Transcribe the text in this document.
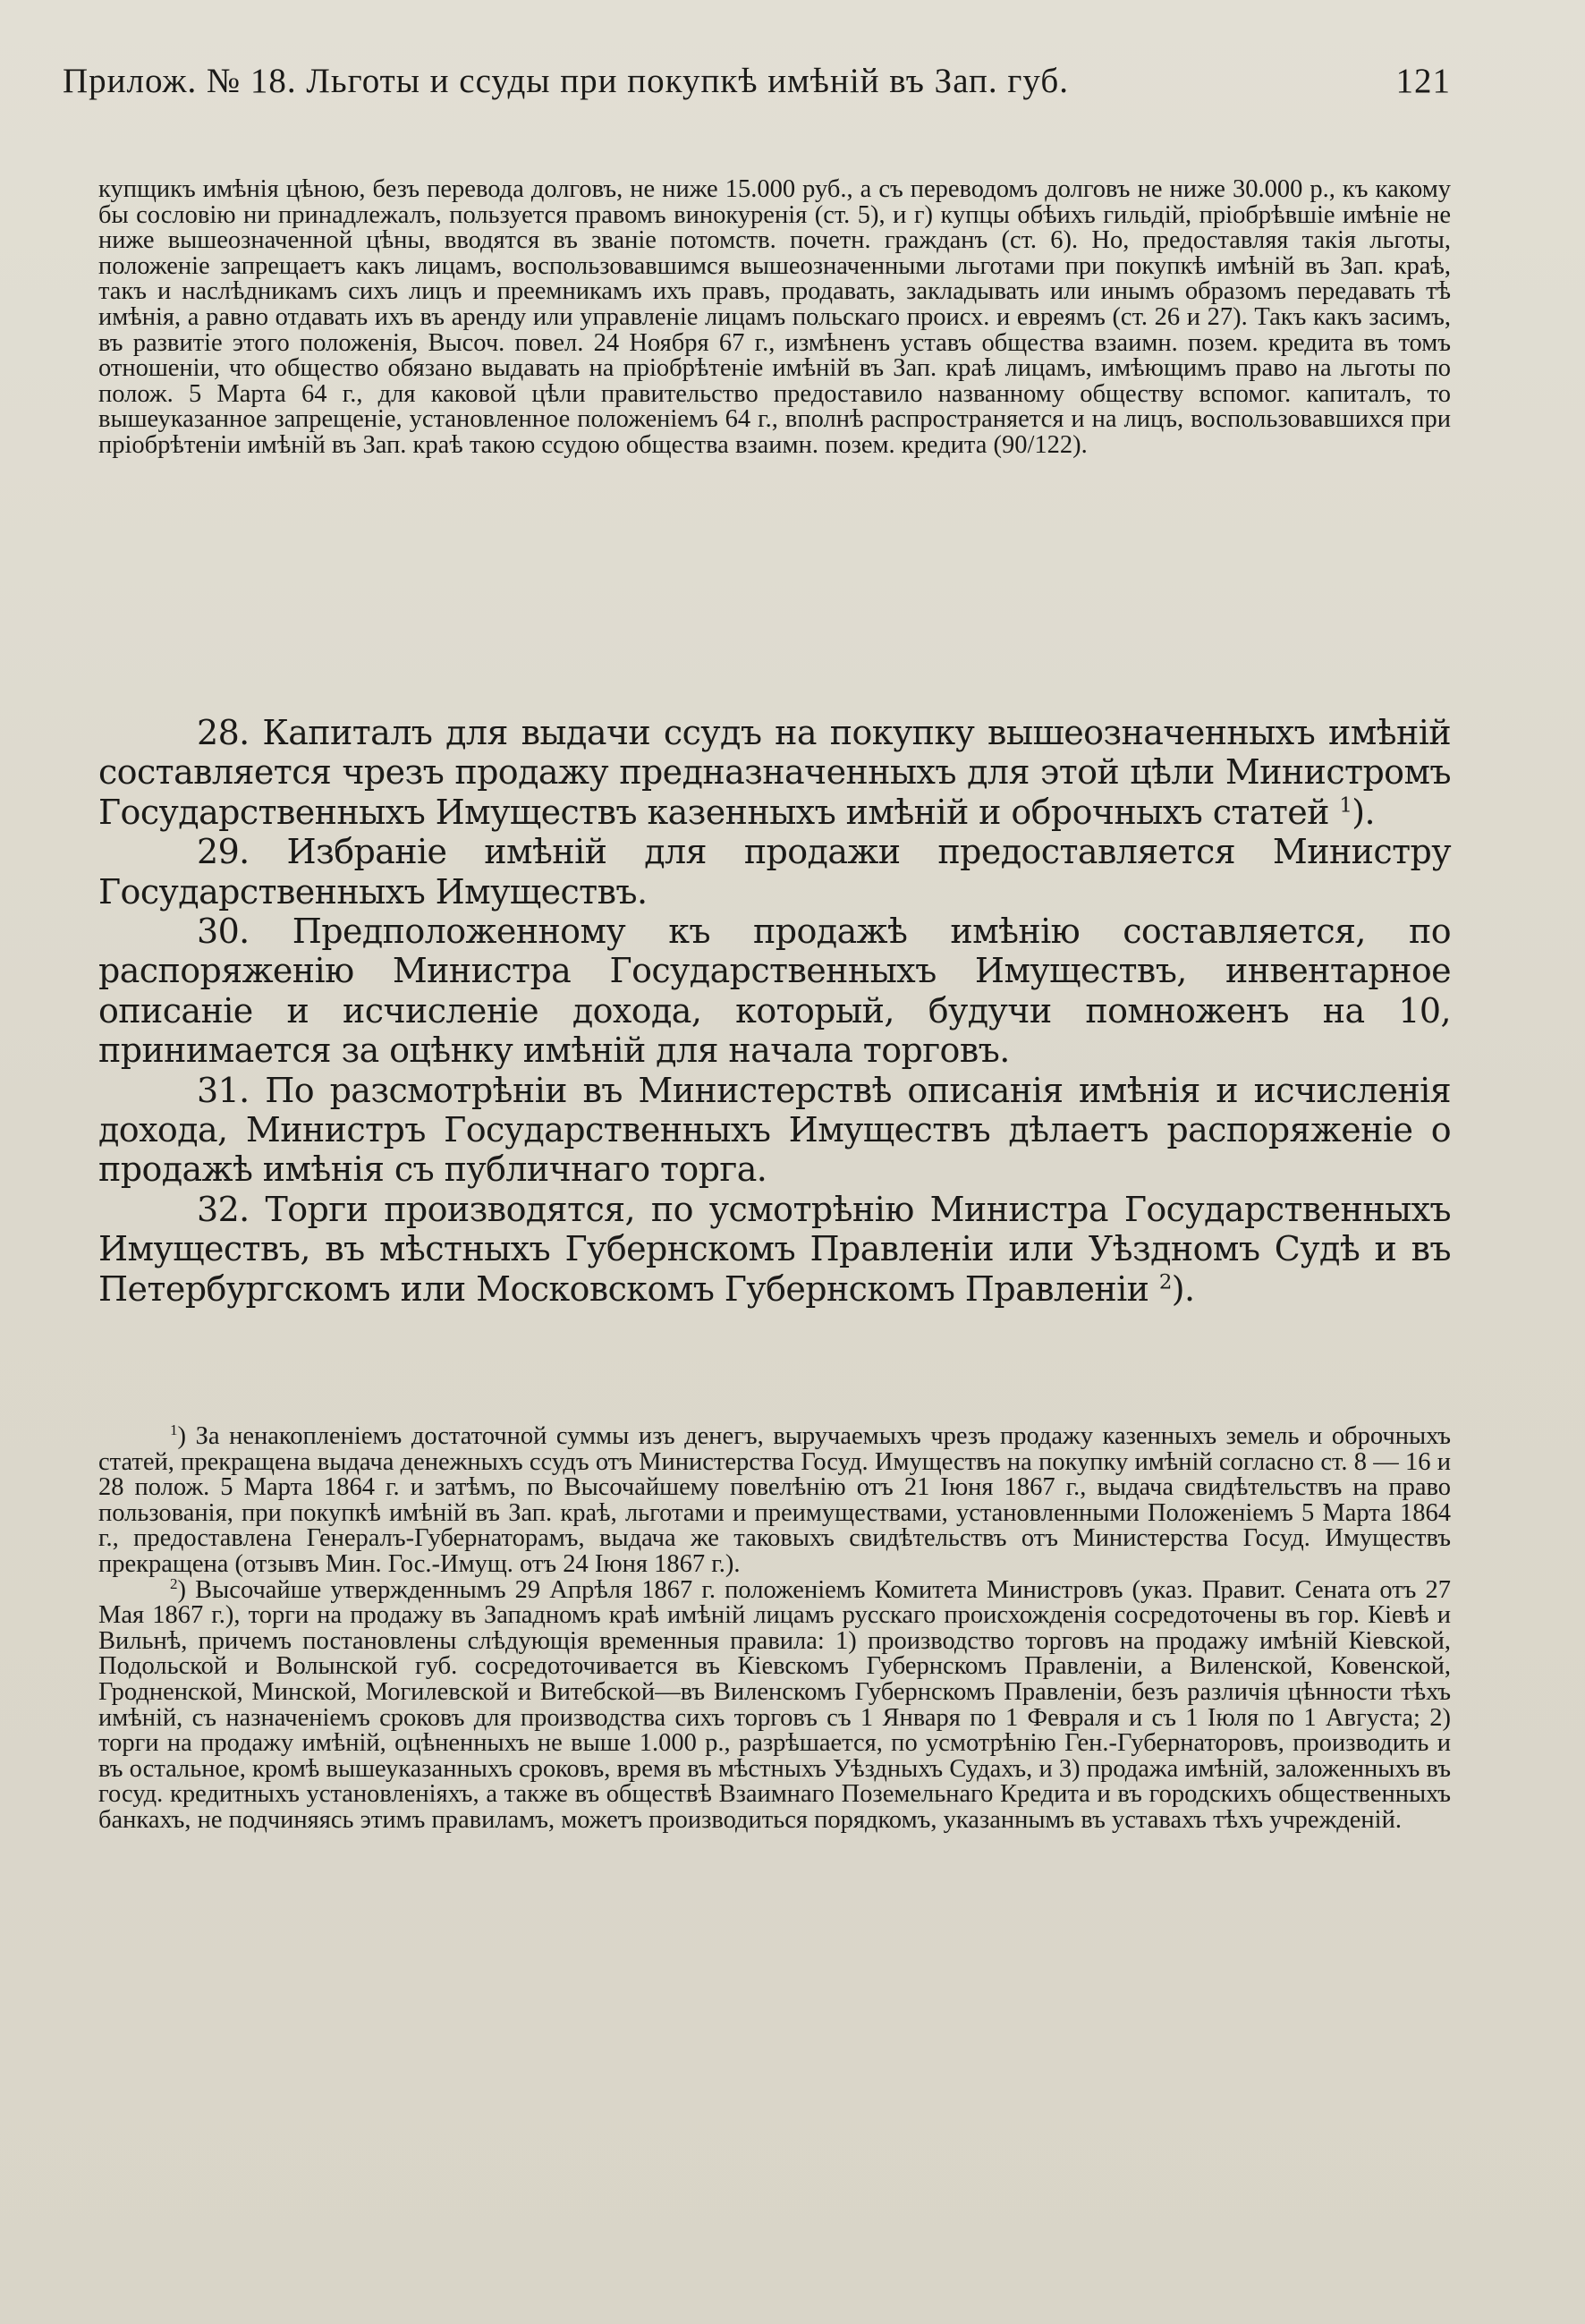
Прилож. № 18. Льготы и ссуды при покупкѣ имѣній въ Зап. губ.	121

купщикъ имѣнія цѣною, безъ перевода долговъ, не ниже 15.000 руб., а съ переводомъ долговъ не ниже 30.000 р., къ какому бы сословію ни принадлежалъ, пользуется правомъ винокуренія (ст. 5), и г) купцы обѣихъ гильдій, пріобрѣвшіе имѣніе не ниже вышеозначенной цѣны, вводятся въ званіе потомств. почетн. гражданъ (ст. 6). Но, предоставляя такія льготы, положеніе запрещаетъ какъ лицамъ, воспользовавшимся вышеозначенными льготами при покупкѣ имѣній въ Зап. краѣ, такъ и наслѣдникамъ сихъ лицъ и преемникамъ ихъ правъ, продавать, закладывать или инымъ образомъ передавать тѣ имѣнія, а равно отдавать ихъ въ аренду или управленіе лицамъ польскаго происх. и евреямъ (ст. 26 и 27). Такъ какъ засимъ, въ развитіе этого положенія, Высоч. повел. 24 Ноября 67 г., измѣненъ уставъ общества взаимн. позем. кредита въ томъ отношеніи, что общество обязано выдавать на пріобрѣтеніе имѣній въ Зап. краѣ лицамъ, имѣющимъ право на льготы по полож. 5 Марта 64 г., для каковой цѣли правительство предоставило названному обществу вспомог. капиталъ, то вышеуказанное запрещеніе, установленное положеніемъ 64 г., вполнѣ распространяется и на лицъ, воспользовавшихся при пріобрѣтеніи имѣній въ Зап. краѣ такою ссудою общества взаимн. позем. кредита (90/122).

28. Капиталъ для выдачи ссудъ на покупку вышеозначенныхъ имѣній составляется чрезъ продажу предназначенныхъ для этой цѣли Министромъ Государственныхъ Имуществъ казенныхъ имѣній и оброчныхъ статей $^1$).

29. Избраніе имѣній для продажи предоставляется Министру Государственныхъ Имуществъ.

30. Предположенному къ продажѣ имѣнію составляется, по распоряженію Министра Государственныхъ Имуществъ, инвентарное описаніе и исчисленіе дохода, который, будучи помноженъ на 10, принимается за оцѣнку имѣній для начала торговъ.

31. По разсмотрѣніи въ Министерствѣ описанія имѣнія и исчисленія дохода, Министръ Государственныхъ Имуществъ дѣлаетъ распоряженіе о продажѣ имѣнія съ публичнаго торга.

32. Торги производятся, по усмотрѣнію Министра Государственныхъ Имуществъ, въ мѣстныхъ Губернскомъ Правленіи или Уѣздномъ Судѣ и въ Петербургскомъ или Московскомъ Губернскомъ Правленіи $^2$).

$^1$) За ненакопленіемъ достаточной суммы изъ денегъ, выручаемыхъ чрезъ продажу казенныхъ земель и оброчныхъ статей, прекращена выдача денежныхъ ссудъ отъ Министерства Госуд. Имуществъ на покупку имѣній согласно ст. 8 — 16 и 28 полож. 5 Марта 1864 г. и затѣмъ, по Высочайшему повелѣнію отъ 21 Іюня 1867 г., выдача свидѣтельствъ на право пользованія, при покупкѣ имѣній въ Зап. краѣ, льготами и преимуществами, установленными Положеніемъ 5 Марта 1864 г., предоставлена Генералъ-Губернаторамъ, выдача же таковыхъ свидѣтельствъ отъ Министерства Госуд. Имуществъ прекращена (отзывъ Мин. Гос.-Имущ. отъ 24 Іюня 1867 г.).

$^2$) Высочайше утвержденнымъ 29 Апрѣля 1867 г. положеніемъ Комитета Министровъ (указ. Правит. Сената отъ 27 Мая 1867 г.), торги на продажу въ Западномъ краѣ имѣній лицамъ русскаго происхожденія сосредоточены въ гор. Кіевѣ и Вильнѣ, причемъ постановлены слѣдующія временныя правила: 1) производство торговъ на продажу имѣній Кіевской, Подольской и Волынской губ. сосредоточивается въ Кіевскомъ Губернскомъ Правленіи, а Виленской, Ковенской, Гродненской, Минской, Могилевской и Витебской—въ Виленскомъ Губернскомъ Правленіи, безъ различія цѣнности тѣхъ имѣній, съ назначеніемъ сроковъ для производства сихъ торговъ съ 1 Января по 1 Февраля и съ 1 Іюля по 1 Августа; 2) торги на продажу имѣній, оцѣненныхъ не выше 1.000 р., разрѣшается, по усмотрѣнію Ген.-Губернаторовъ, производить и въ остальное, кромѣ вышеуказанныхъ сроковъ, время въ мѣстныхъ Уѣздныхъ Судахъ, и 3) продажа имѣній, заложенныхъ въ госуд. кредитныхъ установленіяхъ, а также въ обществѣ Взаимнаго Поземельнаго Кредита и въ городскихъ общественныхъ банкахъ, не подчиняясь этимъ правиламъ, можетъ производиться порядкомъ, указаннымъ въ уставахъ тѣхъ учрежденій.
